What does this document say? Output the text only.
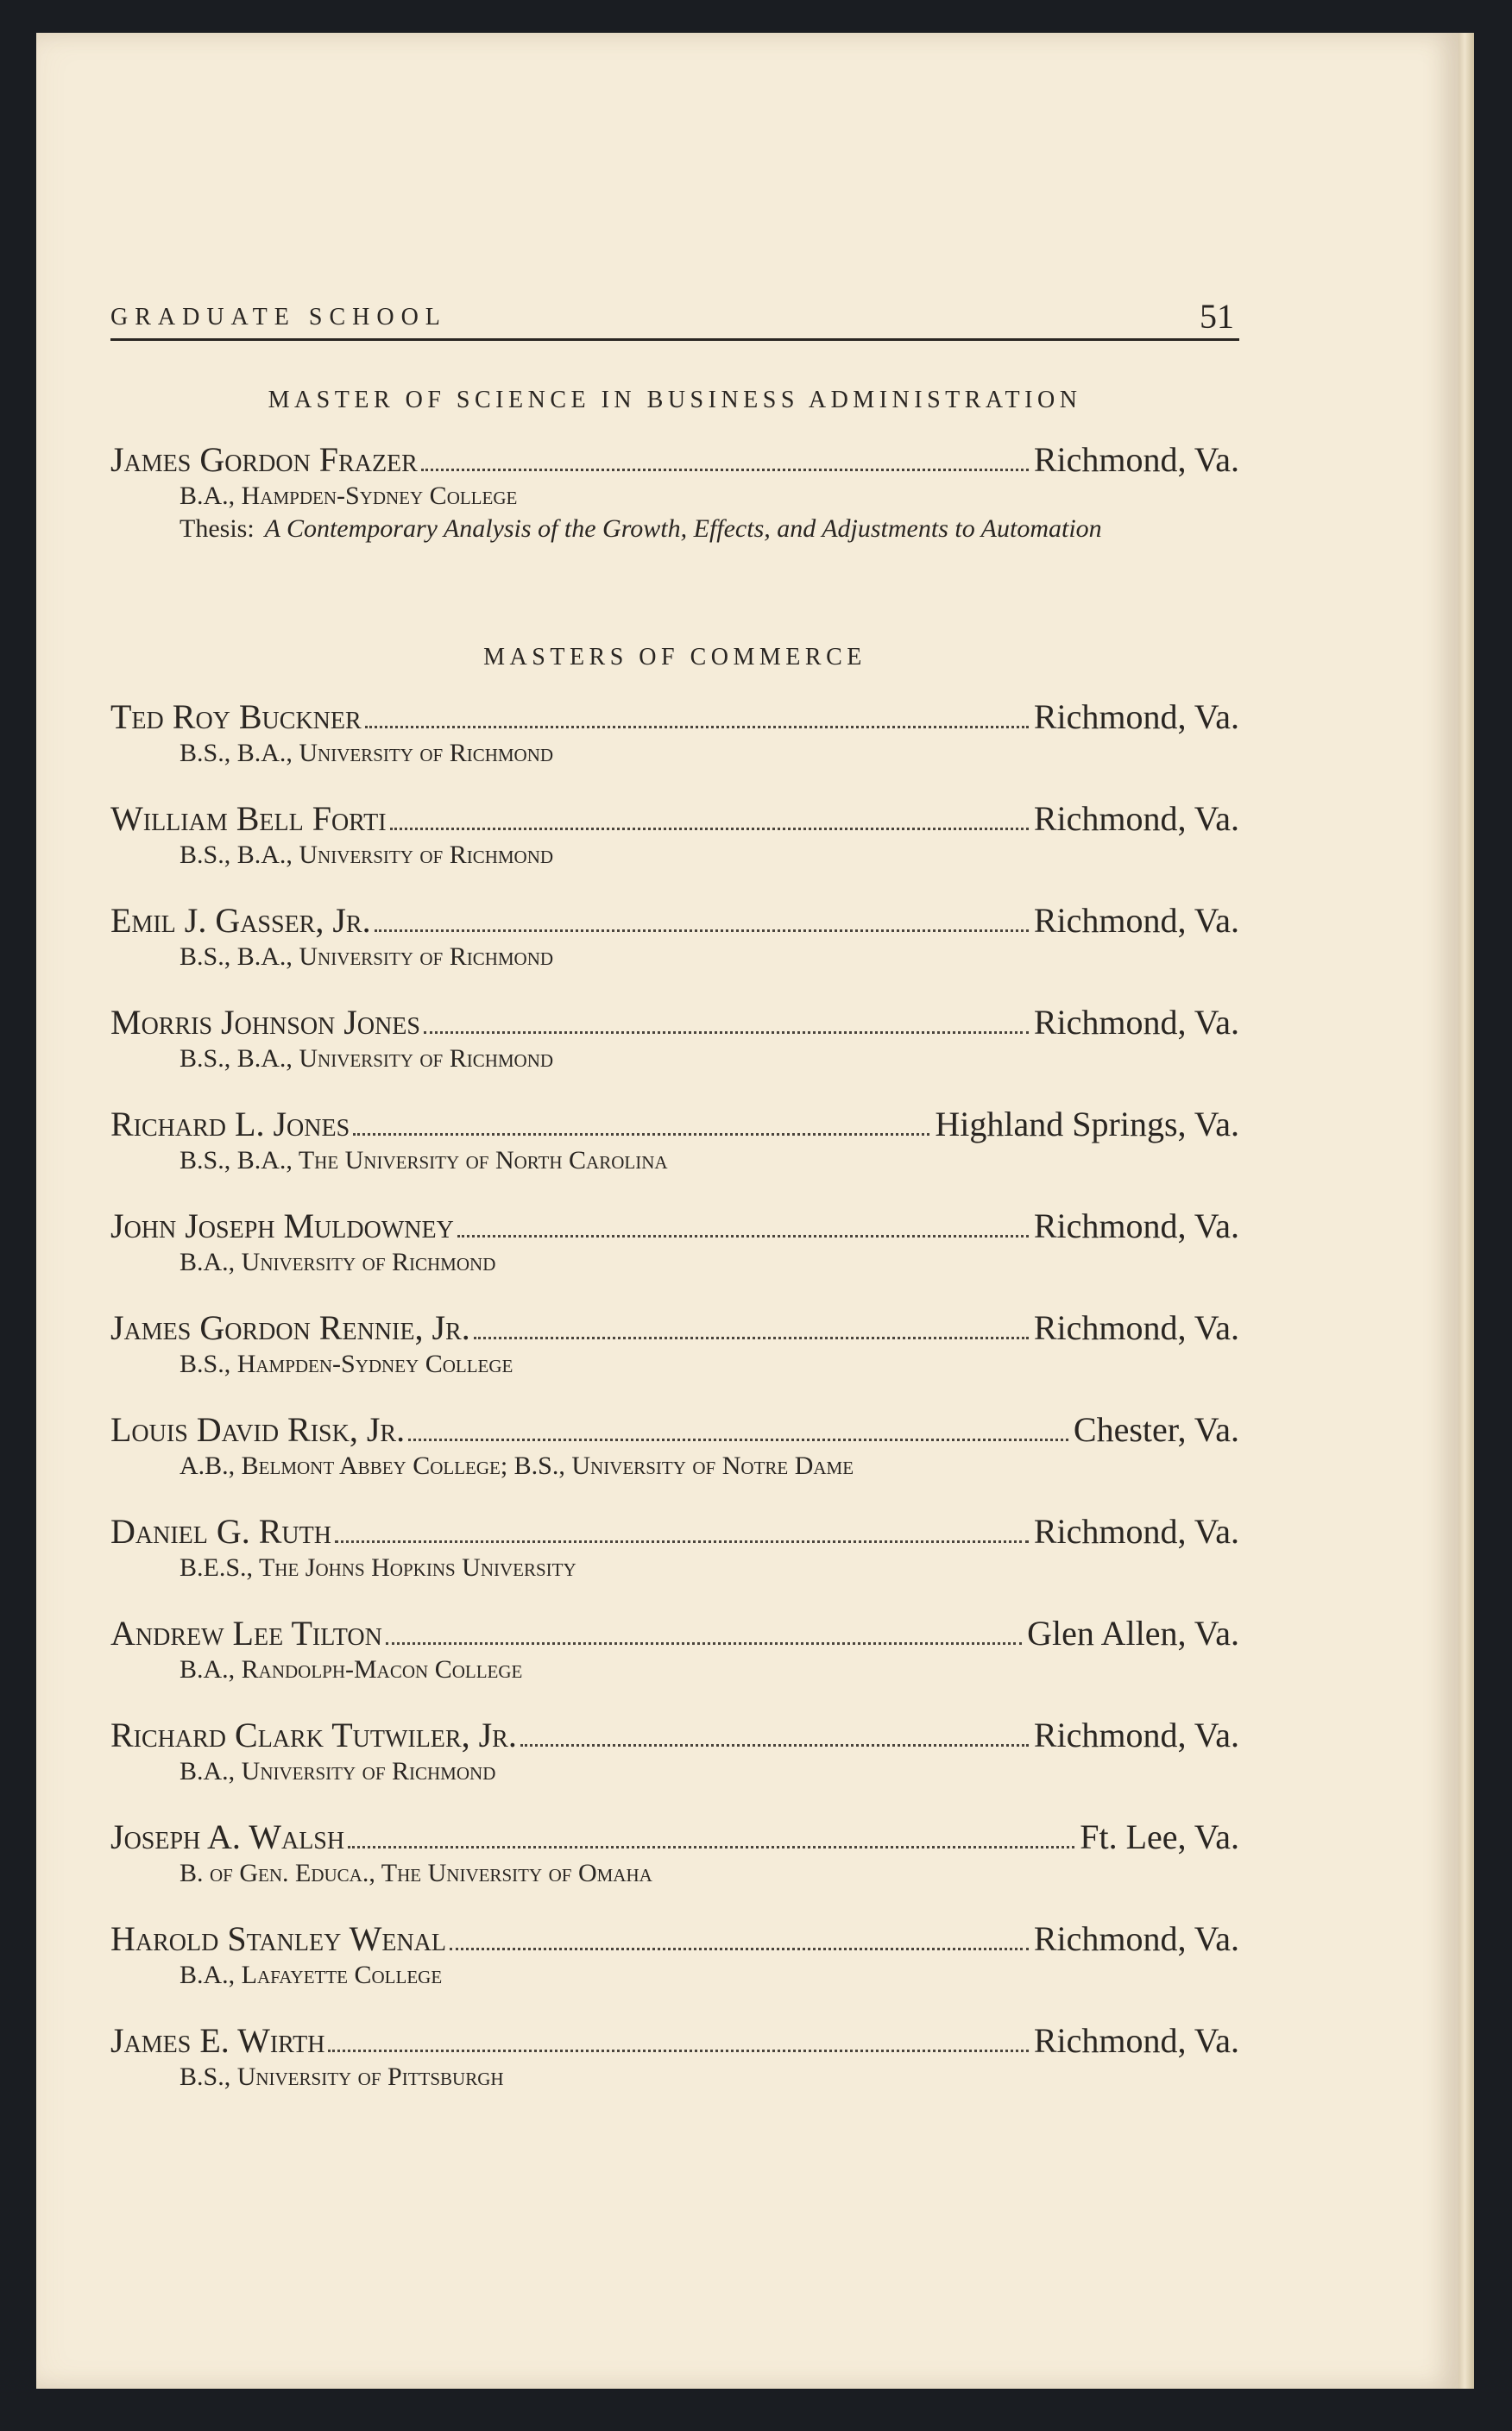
GRADUATE SCHOOL	51
MASTER OF SCIENCE IN BUSINESS ADMINISTRATION
James Gordon Frazer	Richmond, Va.
B.A., Hampden-Sydney College
Thesis: A Contemporary Analysis of the Growth, Effects, and Adjustments to Automation
MASTERS OF COMMERCE
Ted Roy Buckner	Richmond, Va.
B.S., B.A., University of Richmond
William Bell Forti	Richmond, Va.
B.S., B.A., University of Richmond
Emil J. Gasser, Jr.	Richmond, Va.
B.S., B.A., University of Richmond
Morris Johnson Jones	Richmond, Va.
B.S., B.A., University of Richmond
Richard L. Jones	Highland Springs, Va.
B.S., B.A., The University of North Carolina
John Joseph Muldowney	Richmond, Va.
B.A., University of Richmond
James Gordon Rennie, Jr.	Richmond, Va.
B.S., Hampden-Sydney College
Louis David Risk, Jr.	Chester, Va.
A.B., Belmont Abbey College; B.S., University of Notre Dame
Daniel G. Ruth	Richmond, Va.
B.E.S., The Johns Hopkins University
Andrew Lee Tilton	Glen Allen, Va.
B.A., Randolph-Macon College
Richard Clark Tutwiler, Jr.	Richmond, Va.
B.A., University of Richmond
Joseph A. Walsh	Ft. Lee, Va.
B. of Gen. Educa., The University of Omaha
Harold Stanley Wenal	Richmond, Va.
B.A., Lafayette College
James E. Wirth	Richmond, Va.
B.S., University of Pittsburgh
